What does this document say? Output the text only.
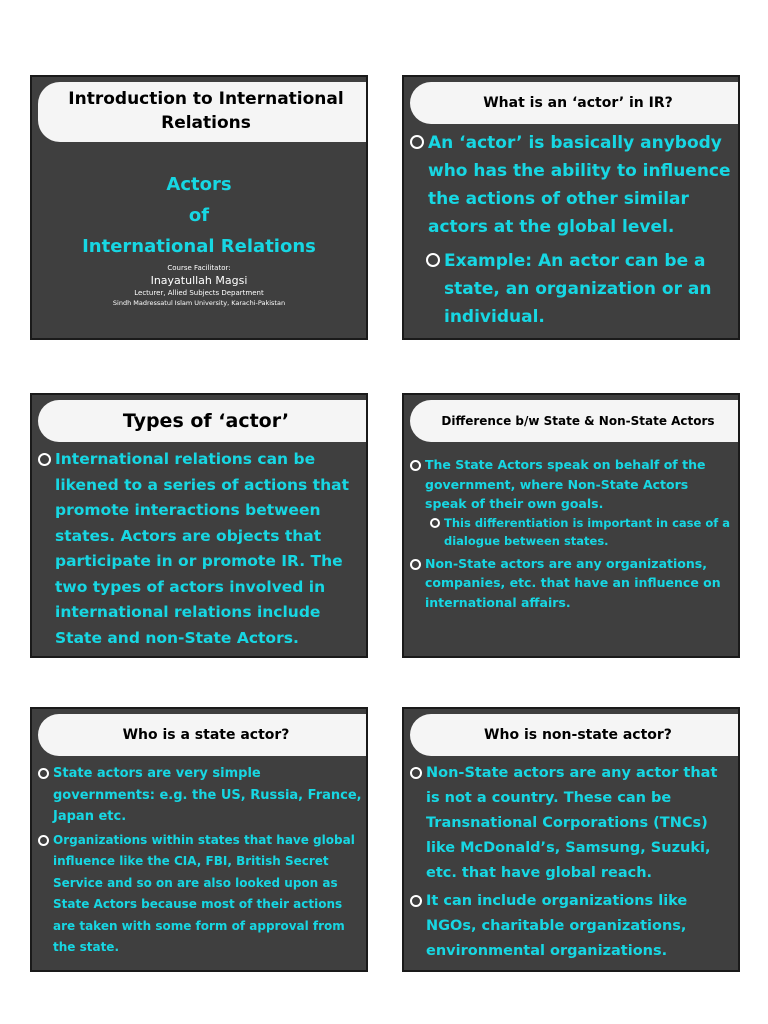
Introduction to International Relations
Actors
of
International Relations
Course Facilitator:
Inayatullah Magsi
Lecturer, Allied Subjects Department
Sindh Madressatul Islam University, Karachi-Pakistan
What is an ‘actor’ in IR?
An ‘actor’ is basically anybody who has the ability to influence the actions of other similar actors at the global level.
Example: An actor can be a state, an organization or an individual.
Types of ‘actor’
International relations can be likened to a series of actions that promote interactions between states. Actors are objects that participate in or promote IR. The two types of actors involved in international relations include State and non-State Actors.
Difference b/w State & Non-State Actors
The State Actors speak on behalf of the government, where Non-State Actors speak of their own goals.
This differentiation is important in case of a dialogue between states.
Non-State actors are any organizations, companies, etc. that have an influence on international affairs.
Who is a state actor?
State actors are very simple governments: e.g. the US, Russia, France, Japan etc.
Organizations within states that have global influence like the CIA, FBI, British Secret Service and so on are also looked upon as State Actors because most of their actions are taken with some form of approval from the state.
Who is non-state actor?
Non-State actors are any actor that is not a country. These can be Transnational Corporations (TNCs) like McDonald’s, Samsung, Suzuki, etc. that have global reach.
It can include organizations like NGOs, charitable organizations, environmental organizations.
